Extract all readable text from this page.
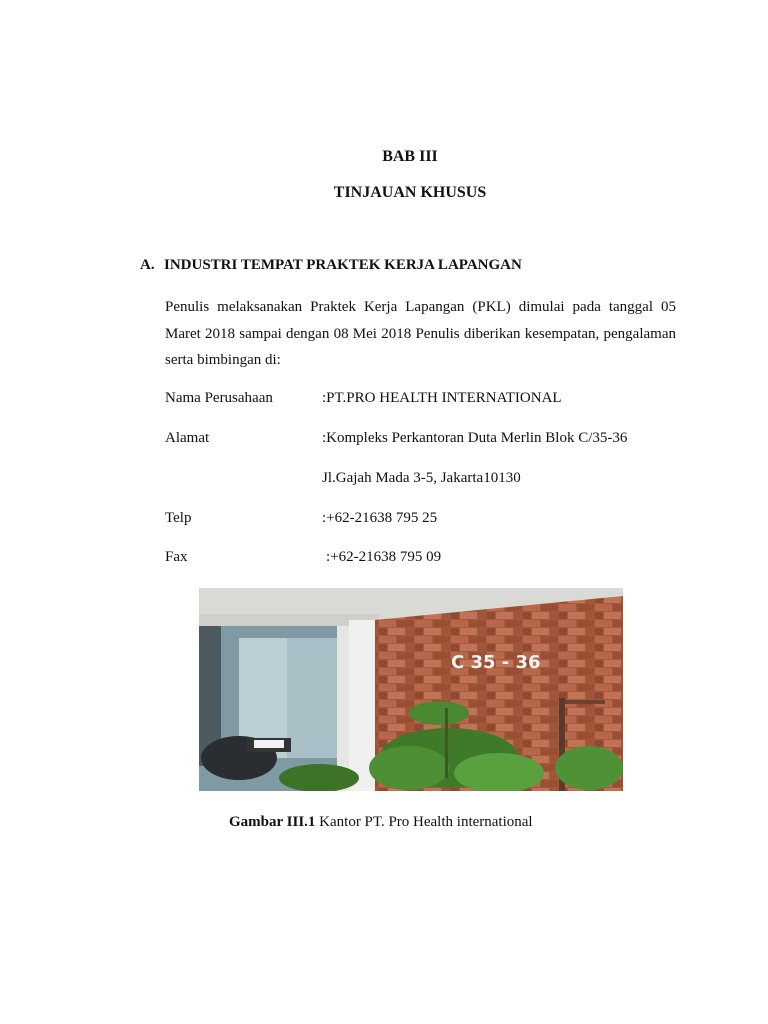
BAB III
TINJAUAN KHUSUS
A. INDUSTRI TEMPAT PRAKTEK KERJA LAPANGAN
Penulis melaksanakan Praktek Kerja Lapangan (PKL) dimulai pada tanggal 05 Maret 2018 sampai dengan 08 Mei 2018 Penulis diberikan kesempatan, pengalaman serta bimbingan di:
Nama Perusahaan	:PT.PRO HEALTH INTERNATIONAL
Alamat	:Kompleks Perkantoran Duta Merlin Blok C/35-36
Jl.Gajah Mada 3-5, Jakarta10130
Telp	:+62-21638 795 25
Fax	:+62-21638 795 09
C 35 - 36
Gambar III.1 Kantor PT. Pro Health international
